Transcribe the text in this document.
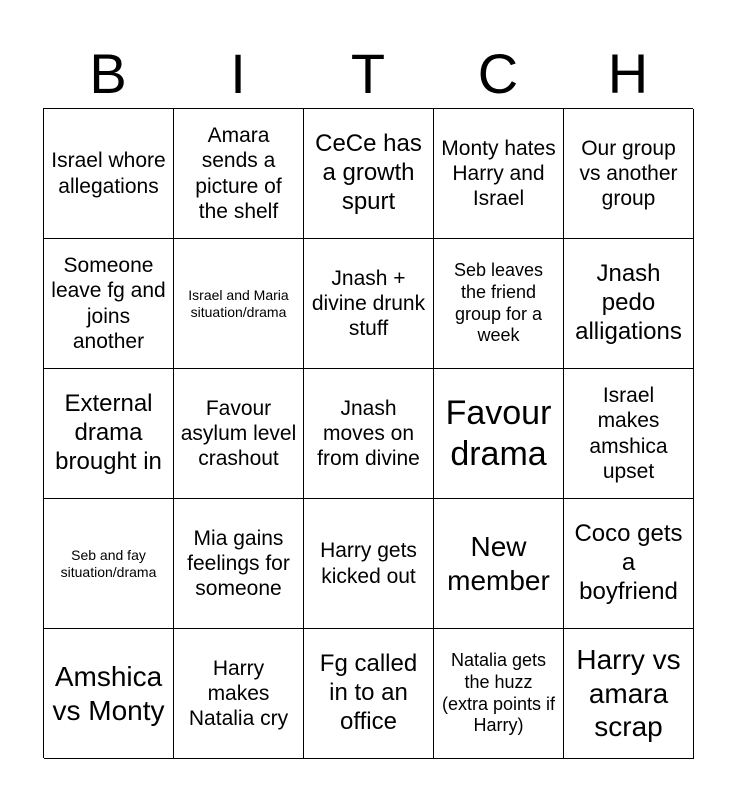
B	I	T	C	H
Israel whore allegations
Amara sends a picture of the shelf
CeCe has a growth spurt
Monty hates Harry and Israel
Our group vs another group
Someone leave fg and joins another
Israel and Maria situation/drama
Jnash + divine drunk stuff
Seb leaves the friend group for a week
Jnash pedo alligations
External drama brought in
Favour asylum level crashout
Jnash moves on from divine
Favour drama
Israel makes amshica upset
Seb and fay situation/drama
Mia gains feelings for someone
Harry gets kicked out
New member
Coco gets a boyfriend
Amshica vs Monty
Harry makes Natalia cry
Fg called in to an office
Natalia gets the huzz (extra points if Harry)
Harry vs amara scrap
